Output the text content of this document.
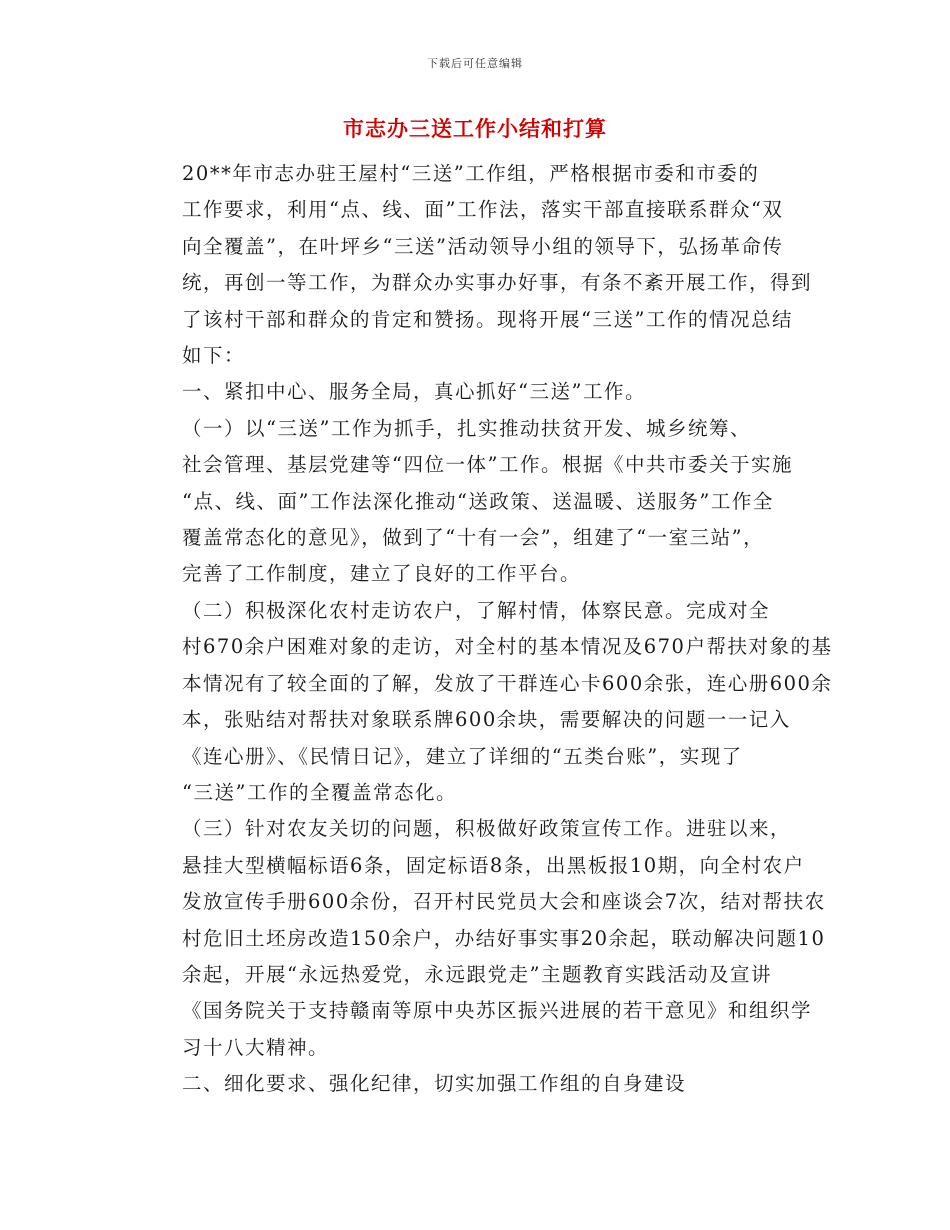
下载后可任意编辑
市志办三送工作小结和打算
20**年市志办驻王屋村“三送”工作组，严格根据市委和市委的
工作要求，利用“点、线、面”工作法，落实干部直接联系群众“双
向全覆盖”，在叶坪乡“三送”活动领导小组的领导下，弘扬革命传
统，再创一等工作，为群众办实事办好事，有条不紊开展工作，得到
了该村干部和群众的肯定和赞扬。现将开展“三送”工作的情况总结
如下：
一、紧扣中心、服务全局，真心抓好“三送”工作。
（一）以“三送”工作为抓手，扎实推动扶贫开发、城乡统筹、
社会管理、基层党建等“四位一体”工作。根据《中共市委关于实施
“点、线、面”工作法深化推动“送政策、送温暖、送服务”工作全
覆盖常态化的意见》，做到了“十有一会”，组建了“一室三站”，
完善了工作制度，建立了良好的工作平台。
（二）积极深化农村走访农户，了解村情，体察民意。完成对全
村670余户困难对象的走访，对全村的基本情况及670户帮扶对象的基
本情况有了较全面的了解，发放了干群连心卡600余张，连心册600余
本，张贴结对帮扶对象联系牌600余块，需要解决的问题一一记入
《连心册》、《民情日记》，建立了详细的“五类台账”，实现了
“三送”工作的全覆盖常态化。
（三）针对农友关切的问题，积极做好政策宣传工作。进驻以来，
悬挂大型横幅标语6条，固定标语8条，出黑板报10期，向全村农户
发放宣传手册600余份，召开村民党员大会和座谈会7次，结对帮扶农
村危旧土坯房改造150余户，办结好事实事20余起，联动解决问题10
余起，开展“永远热爱党，永远跟党走”主题教育实践活动及宣讲
《国务院关于支持赣南等原中央苏区振兴进展的若干意见》和组织学
习十八大精神。
二、细化要求、强化纪律，切实加强工作组的自身建设
